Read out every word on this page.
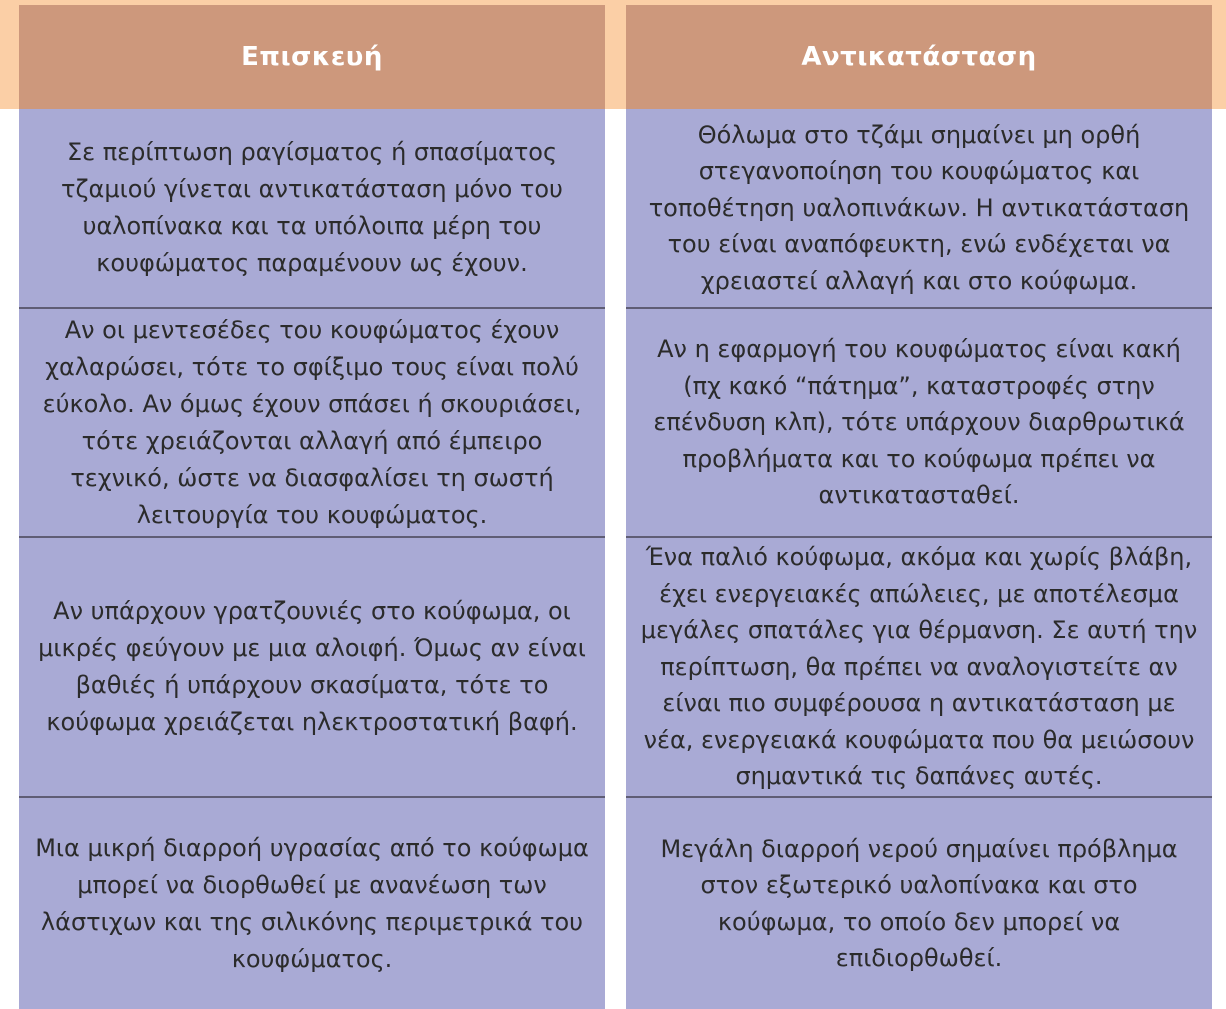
Επισκευή
Σε περίπτωση ραγίσματος ή σπασίματος τζαμιού γίνεται αντικατάσταση μόνο του υαλοπίνακα και τα υπόλοιπα μέρη του κουφώματος παραμένουν ως έχουν.
Αν οι μεντεσέδες του κουφώματος έχουν χαλαρώσει, τότε το σφίξιμο τους είναι πολύ εύκολο. Αν όμως έχουν σπάσει ή σκουριάσει, τότε χρειάζονται αλλαγή από έμπειρο τεχνικό, ώστε να διασφαλίσει τη σωστή λειτουργία του κουφώματος.
Αν υπάρχουν γρατζουνιές στο κούφωμα, οι μικρές φεύγουν με μια αλοιφή. Όμως αν είναι βαθιές ή υπάρχουν σκασίματα, τότε το κούφωμα χρειάζεται ηλεκτροστατική βαφή.
Μια μικρή διαρροή υγρασίας από το κούφωμα μπορεί να διορθωθεί με ανανέωση των λάστιχων και της σιλικόνης περιμετρικά του κουφώματος.
Αντικατάσταση
Θόλωμα στο τζάμι σημαίνει μη ορθή στεγανοποίηση του κουφώματος και τοποθέτηση υαλοπινάκων. Η αντικατάσταση του είναι αναπόφευκτη, ενώ ενδέχεται να χρειαστεί αλλαγή και στο κούφωμα.
Αν η εφαρμογή του κουφώματος είναι κακή (πχ κακό “πάτημα”, καταστροφές στην επένδυση κλπ), τότε υπάρχουν διαρθρωτικά προβλήματα και το κούφωμα πρέπει να αντικατασταθεί.
Ένα παλιό κούφωμα, ακόμα και χωρίς βλάβη, έχει ενεργειακές απώλειες, με αποτέλεσμα μεγάλες σπατάλες για θέρμανση. Σε αυτή την περίπτωση, θα πρέπει να αναλογιστείτε αν είναι πιο συμφέρουσα η αντικατάσταση με νέα, ενεργειακά κουφώματα που θα μειώσουν σημαντικά τις δαπάνες αυτές.
Μεγάλη διαρροή νερού σημαίνει πρόβλημα στον εξωτερικό υαλοπίνακα και στο κούφωμα, το οποίο δεν μπορεί να επιδιορθωθεί.
